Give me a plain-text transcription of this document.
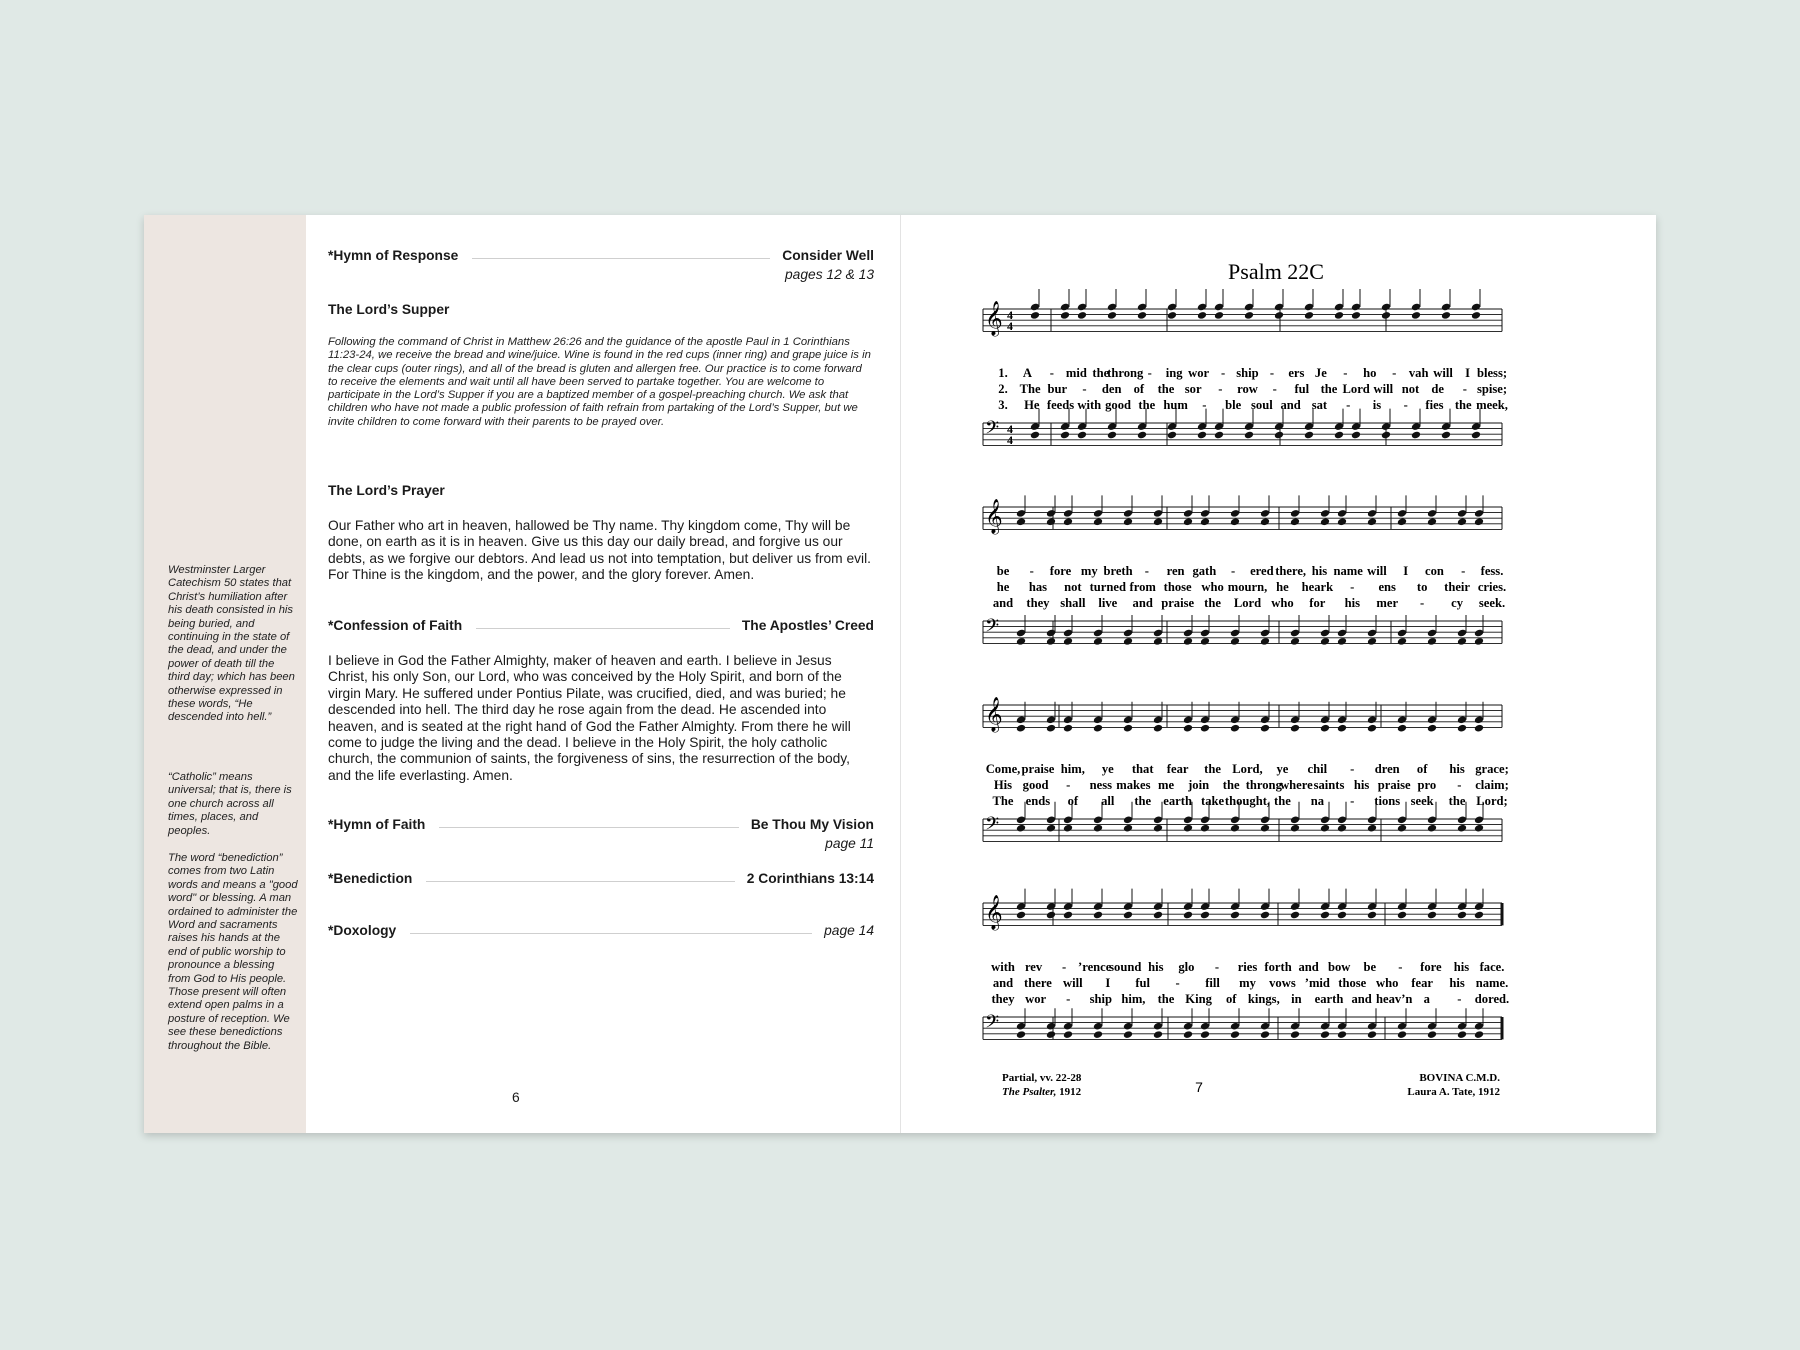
Westminster Larger Catechism 50 states that Christ’s humiliation after his death consisted in his being buried, and continuing in the state of the dead, and under the power of death till the third day; which has been otherwise expressed in these words, “He descended into hell.”
“Catholic” means universal; that is, there is one church across all times, places, and peoples.
The word “benediction” comes from two Latin words and means a "good word" or blessing. A man ordained to administer the Word and sacraments raises his hands at the end of public worship to pronounce a blessing from God to His people. Those present will often extend open palms in a posture of reception. We see these benedictions throughout the Bible.
*Hymn of Response	Consider Well
pages 12 & 13
The Lord’s Supper
Following the command of Christ in Matthew 26:26 and the guidance of the apostle Paul in 1 Corinthians 11:23-24, we receive the bread and wine/juice. Wine is found in the red cups (inner ring) and grape juice is in the clear cups (outer rings), and all of the bread is gluten and allergen free. Our practice is to come forward to receive the elements and wait until all have been served to partake together. You are welcome to participate in the Lord’s Supper if you are a baptized member of a gospel-preaching church. We ask that children who have not made a public profession of faith refrain from partaking of the Lord’s Supper, but we invite children to come forward with their parents to be prayed over.
The Lord’s Prayer
Our Father who art in heaven, hallowed be Thy name. Thy kingdom come, Thy will be done, on earth as it is in heaven. Give us this day our daily bread, and forgive us our debts, as we forgive our debtors. And lead us not into temptation, but deliver us from evil. For Thine is the kingdom, and the power, and the glory forever. Amen.
*Confession of Faith	The Apostles’ Creed
I believe in God the Father Almighty, maker of heaven and earth. I believe in Jesus Christ, his only Son, our Lord, who was conceived by the Holy Spirit, and born of the virgin Mary. He suffered under Pontius Pilate, was crucified, died, and was buried; he descended into hell. The third day he rose again from the dead. He ascended into heaven, and is seated at the right hand of God the Father Almighty. From there he will come to judge the living and the dead. I believe in the Holy Spirit, the holy catholic church, the communion of saints, the forgiveness of sins, the resurrection of the body, and the life everlasting. Amen.
*Hymn of Faith	Be Thou My Vision
page 11
*Benediction	2 Corinthians 13:14
*Doxology	page 14
6
Psalm 22C
𝄞 4
4
𝄢 4
4
1. A - mid thethrong - ing wor - ship - ers Je - ho - vah will I bless;
2. The bur - den of the sor - row - ful the Lord will not de - spise;
3. He feeds with good the hum - ble soul and sat - is - fies the meek,
𝄞
𝄢
be - fore my breth - ren gath - ered there, his name will I con - fess.
he has not turned from those who mourn, he heark - ens to their cries.
and they shall live and praise the Lord who for his mer - cy seek.
𝄞
𝄢
Come,praise him, ye that fear the Lord, ye chil - dren of his grace;
His good - ness makes me join the throngwheresaints his praise pro - claim;
The ends of all the earth takethought, the na - tions seek the Lord;
𝄞
𝄢
with rev - ’rencesound his glo - ries forth and bow be - fore his face.
and there will I ful - fill my vows ’mid those who fear his name.
they wor - ship him, the King of kings, in earth and heav’n a - dored.
Partial, vv. 22-28
The Psalter, 1912
BOVINA C.M.D.
Laura A. Tate, 1912
7
